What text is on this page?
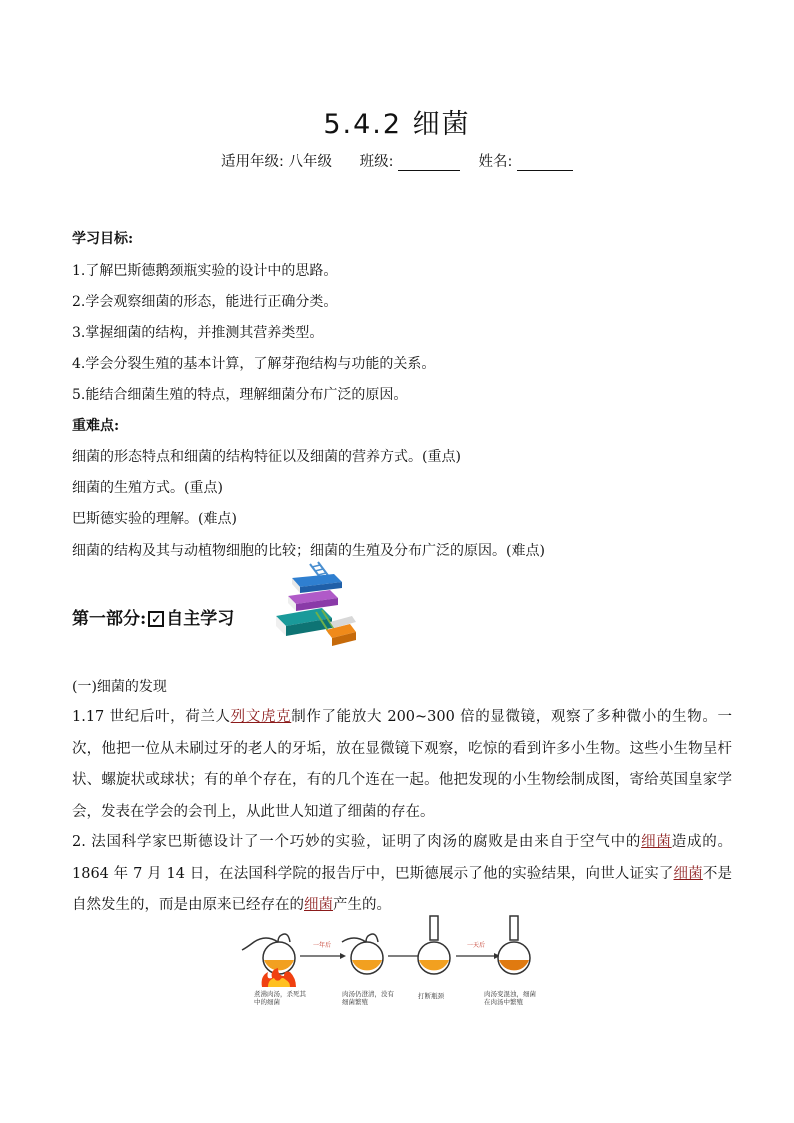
5.4.2 细菌
适用年级: 八年级 班级:	姓名:
学习目标:
1.了解巴斯德鹅颈瓶实验的设计中的思路。
2.学会观察细菌的形态，能进行正确分类。
3.掌握细菌的结构，并推测其营养类型。
4.学会分裂生殖的基本计算，了解芽孢结构与功能的关系。
5.能结合细菌生殖的特点，理解细菌分布广泛的原因。
重难点:
细菌的形态特点和细菌的结构特征以及细菌的营养方式。(重点)
细菌的生殖方式。(重点)
巴斯德实验的理解。(难点)
细菌的结构及其与动植物细胞的比较；细菌的生殖及分布广泛的原因。(难点)
第一部分: ✓ 自主学习
(一)细菌的发现
1.17 世纪后叶，荷兰人列文虎克制作了能放大 200~300 倍的显微镜，观察了多种微小的生物。一次，他把一位从未刷过牙的老人的牙垢，放在显微镜下观察，吃惊的看到许多小生物。这些小生物呈杆状、螺旋状或球状；有的单个存在，有的几个连在一起。他把发现的小生物绘制成图，寄给英国皇家学会，发表在学会的会刊上，从此世人知道了细菌的存在。
2. 法国科学家巴斯德设计了一个巧妙的实验，证明了肉汤的腐败是由来自于空气中的细菌造成的。1864 年 7 月 14 日，在法国科学院的报告厅中，巴斯德展示了他的实验结果，向世人证实了细菌不是自然发生的，而是由原来已经存在的细菌产生的。
一年后	一天后
煮沸肉汤，杀死其中的细菌
肉汤仍澄清，没有细菌繁殖
打断瓶颈	肉汤变混浊，细菌在肉汤中繁殖
